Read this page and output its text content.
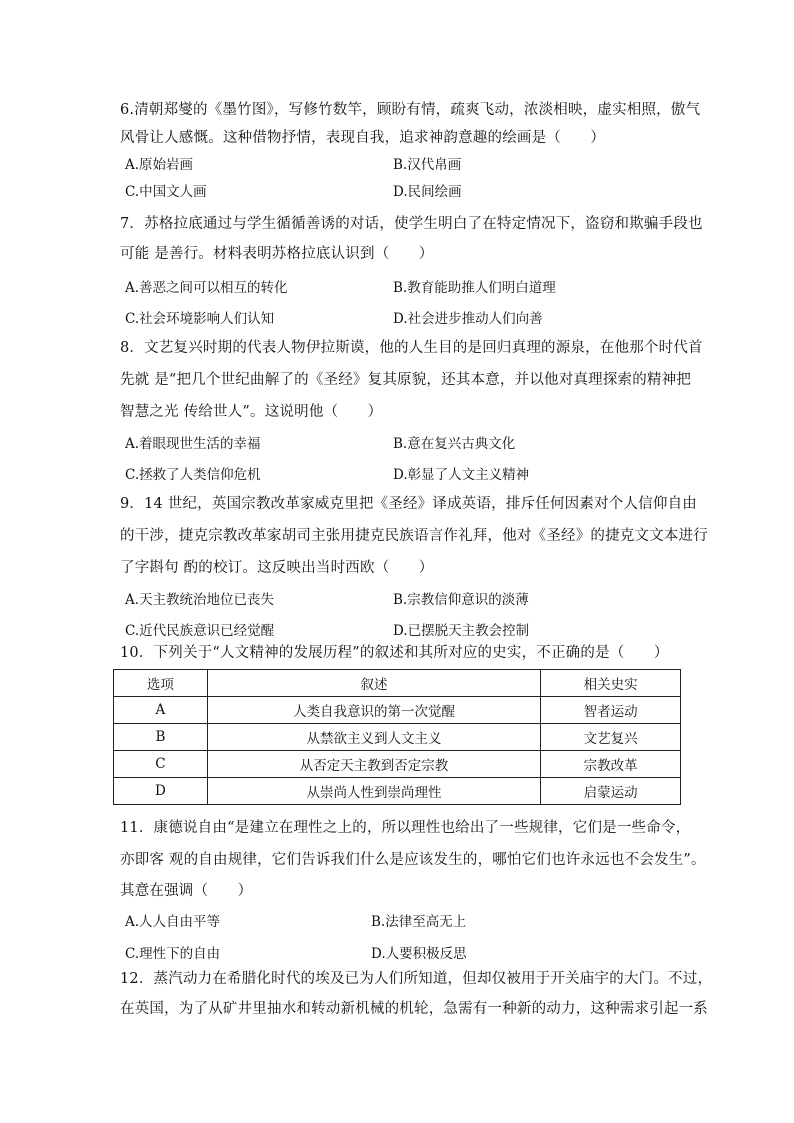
6.清朝郑燮的《墨竹图》，写修竹数竿，顾盼有情，疏爽飞动，浓淡相映，虚实相照，傲气
风骨让人感慨。这种借物抒情，表现自我，追求神韵意趣的绘画是（　　）
A.原始岩画	B.汉代帛画
C.中国文人画	D.民间绘画
7．苏格拉底通过与学生循循善诱的对话，使学生明白了在特定情况下，盗窃和欺骗手段也
可能 是善行。材料表明苏格拉底认识到（　　）
A.善恶之间可以相互的转化	B.教育能助推人们明白道理
C.社会环境影响人们认知	D.社会进步推动人们向善
8．文艺复兴时期的代表人物伊拉斯谟，他的人生目的是回归真理的源泉，在他那个时代首
先就 是“把几个世纪曲解了的《圣经》复其原貌，还其本意，并以他对真理探索的精神把
智慧之光 传给世人”。这说明他（　　）
A.着眼现世生活的幸福	B.意在复兴古典文化
C.拯救了人类信仰危机	D.彰显了人文主义精神
9．14 世纪，英国宗教改革家威克里把《圣经》译成英语，排斥任何因素对个人信仰自由
的干涉，捷克宗教改革家胡司主张用捷克民族语言作礼拜，他对《圣经》的捷克文文本进行
了字斟句 酌的校订。这反映出当时西欧（　　）
A.天主教统治地位已丧失	B.宗教信仰意识的淡薄
C.近代民族意识已经觉醒	D.已摆脱天主教会控制
10．下列关于“人文精神的发展历程”的叙述和其所对应的史实，不正确的是（　　）
选项	叙述	相关史实
A	人类自我意识的第一次觉醒	智者运动
B	从禁欲主义到人文主义	文艺复兴
C	从否定天主教到否定宗教	宗教改革
D	从崇尚人性到崇尚理性	启蒙运动
11．康德说自由“是建立在理性之上的，所以理性也给出了一些规律，它们是一些命令，
亦即客 观的自由规律，它们告诉我们什么是应该发生的，哪怕它们也许永远也不会发生”。
其意在强调（　　）
A.人人自由平等	B.法律至高无上
C.理性下的自由	D.人要积极反思
12．蒸汽动力在希腊化时代的埃及已为人们所知道，但却仅被用于开关庙宇的大门。不过，
在英国，为了从矿井里抽水和转动新机械的机轮，急需有一种新的动力，这种需求引起一系
